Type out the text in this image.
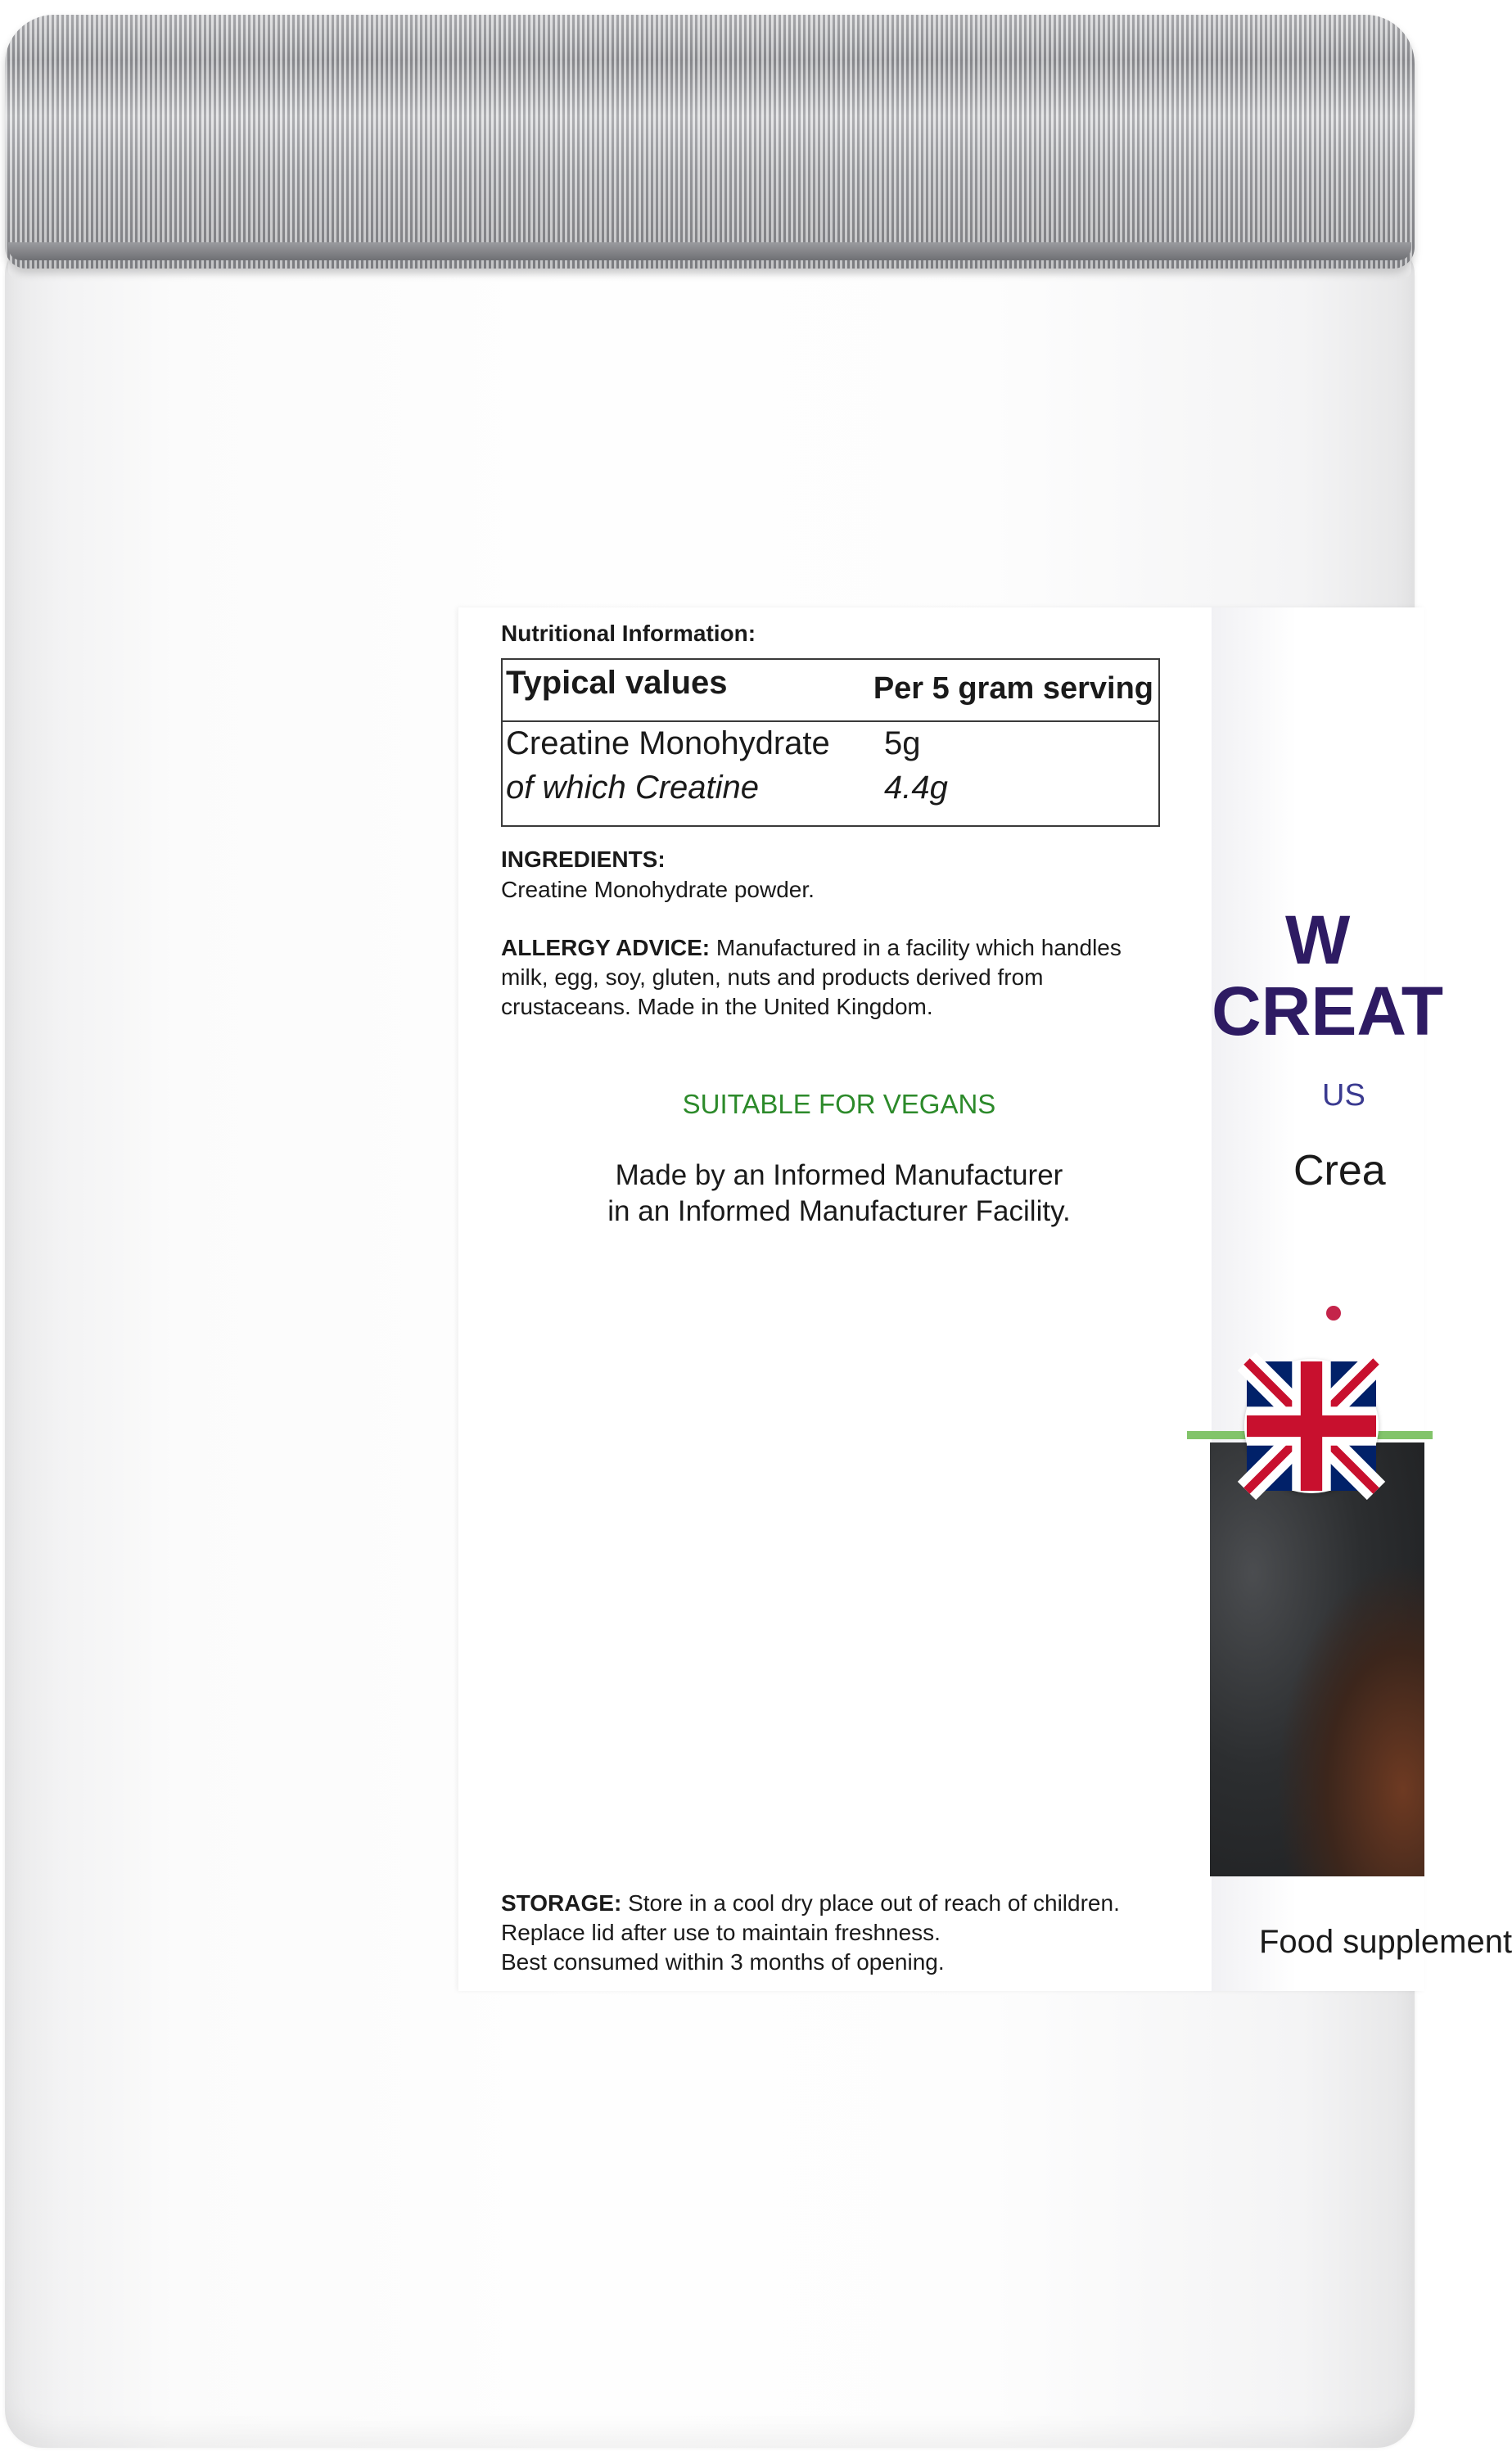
Nutritional Information:

Typical values	Per 5 gram serving
Creatine Monohydrate 5g
of which Creatine	4.4g
INGREDIENTS:
Creatine Monohydrate powder.
ALLERGY ADVICE: Manufactured in a facility which handles
milk, egg, soy, gluten, nuts and products derived from
crustaceans. Made in the United Kingdom.
SUITABLE FOR VEGANS
Made by an Informed Manufacturer
in an Informed Manufacturer Facility.
STORAGE: Store in a cool dry place out of reach of children.
Replace lid after use to maintain freshness.
Best consumed within 3 months of opening.
W
CREAT
US
Crea
Food supplement
